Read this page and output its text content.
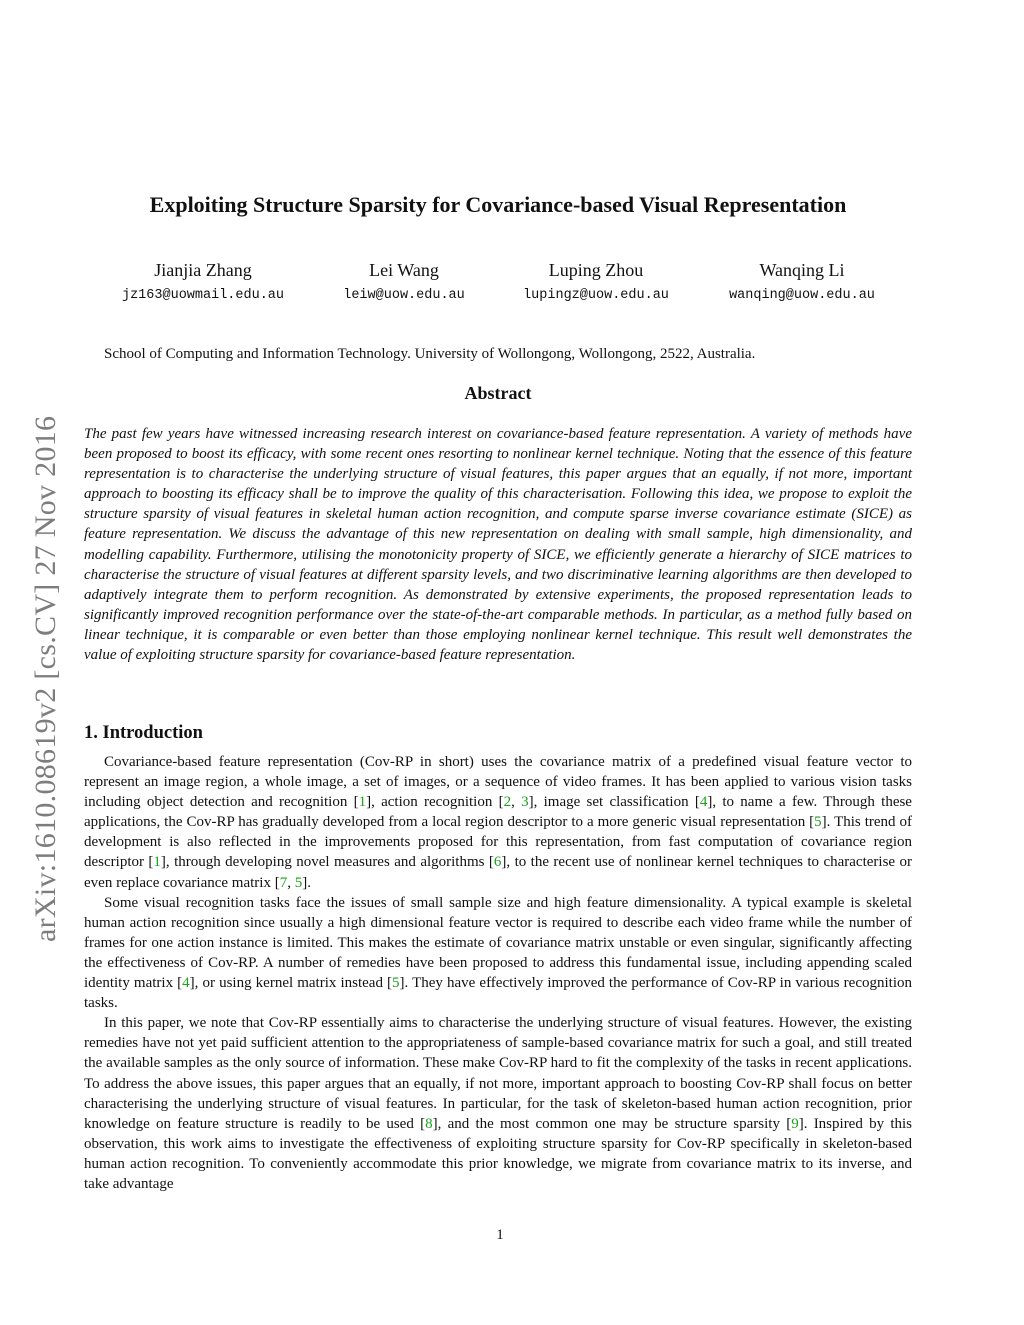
arXiv:1610.08619v2 [cs.CV] 27 Nov 2016
Exploiting Structure Sparsity for Covariance-based Visual Representation
Jianjia Zhang
jz163@uowmail.edu.au
Lei Wang
leiw@uow.edu.au
Luping Zhou
lupingz@uow.edu.au
Wanqing Li
wanqing@uow.edu.au
School of Computing and Information Technology. University of Wollongong, Wollongong, 2522, Australia.
Abstract

The past few years have witnessed increasing research interest on covariance-based feature representation. A variety of methods have been proposed to boost its efficacy, with some recent ones resorting to nonlinear kernel technique. Noting that the essence of this feature representation is to characterise the underlying structure of visual features, this paper argues that an equally, if not more, important approach to boosting its efficacy shall be to improve the quality of this characterisation. Following this idea, we propose to exploit the structure sparsity of visual features in skeletal human action recognition, and compute sparse inverse covariance estimate (SICE) as feature representation. We discuss the advantage of this new representation on dealing with small sample, high dimensionality, and modelling capability. Furthermore, utilising the monotonicity property of SICE, we efficiently generate a hierarchy of SICE matrices to characterise the structure of visual features at different sparsity levels, and two discriminative learning algorithms are then developed to adaptively integrate them to perform recognition. As demonstrated by extensive experiments, the proposed representation leads to significantly improved recognition performance over the state-of-the-art comparable methods. In particular, as a method fully based on linear technique, it is comparable or even better than those employing nonlinear kernel technique. This result well demonstrates the value of exploiting structure sparsity for covariance-based feature representation.

1. Introduction

Covariance-based feature representation (Cov-RP in short) uses the covariance matrix of a predefined visual feature vector to represent an image region, a whole image, a set of images, or a sequence of video frames. It has been applied to various vision tasks including object detection and recognition [1], action recognition [2, 3], image set classification [4], to name a few. Through these applications, the Cov-RP has gradually developed from a local region descriptor to a more generic visual representation [5]. This trend of development is also reflected in the improvements proposed for this representation, from fast computation of covariance region descriptor [1], through developing novel measures and algorithms [6], to the recent use of nonlinear kernel techniques to characterise or even replace covariance matrix [7, 5].

Some visual recognition tasks face the issues of small sample size and high feature dimensionality. A typical example is skeletal human action recognition since usually a high dimensional feature vector is required to describe each video frame while the number of frames for one action instance is limited. This makes the estimate of covariance matrix unstable or even singular, significantly affecting the effectiveness of Cov-RP. A number of remedies have been proposed to address this fundamental issue, including appending scaled identity matrix [4], or using kernel matrix instead [5]. They have effectively improved the performance of Cov-RP in various recognition tasks.

In this paper, we note that Cov-RP essentially aims to characterise the underlying structure of visual features. However, the existing remedies have not yet paid sufficient attention to the appropriateness of sample-based covariance matrix for such a goal, and still treated the available samples as the only source of information. These make Cov-RP hard to fit the complexity of the tasks in recent applications. To address the above issues, this paper argues that an equally, if not more, important approach to boosting Cov-RP shall focus on better characterising the underlying structure of visual features. In particular, for the task of skeleton-based human action recognition, prior knowledge on feature structure is readily to be used [8], and the most common one may be structure sparsity [9]. Inspired by this observation, this work aims to investigate the effectiveness of exploiting structure sparsity for Cov-RP specifically in skeleton-based human action recognition. To conveniently accommodate this prior knowledge, we migrate from covariance matrix to its inverse, and take advantage

1
